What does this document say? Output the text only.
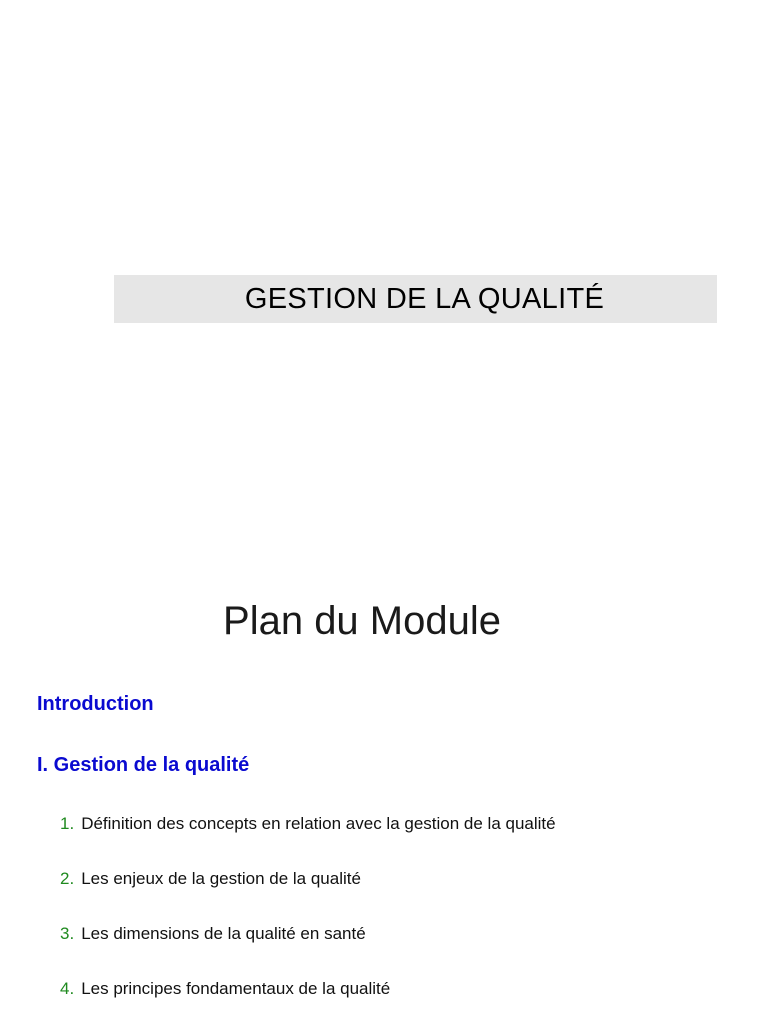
GESTION DE LA QUALITÉ
Plan du Module
Introduction
I. Gestion de la qualité
1. Définition des concepts en relation avec la gestion de la qualité
2. Les enjeux de la gestion de la qualité
3. Les dimensions de la qualité en santé
4. Les principes fondamentaux de la qualité
